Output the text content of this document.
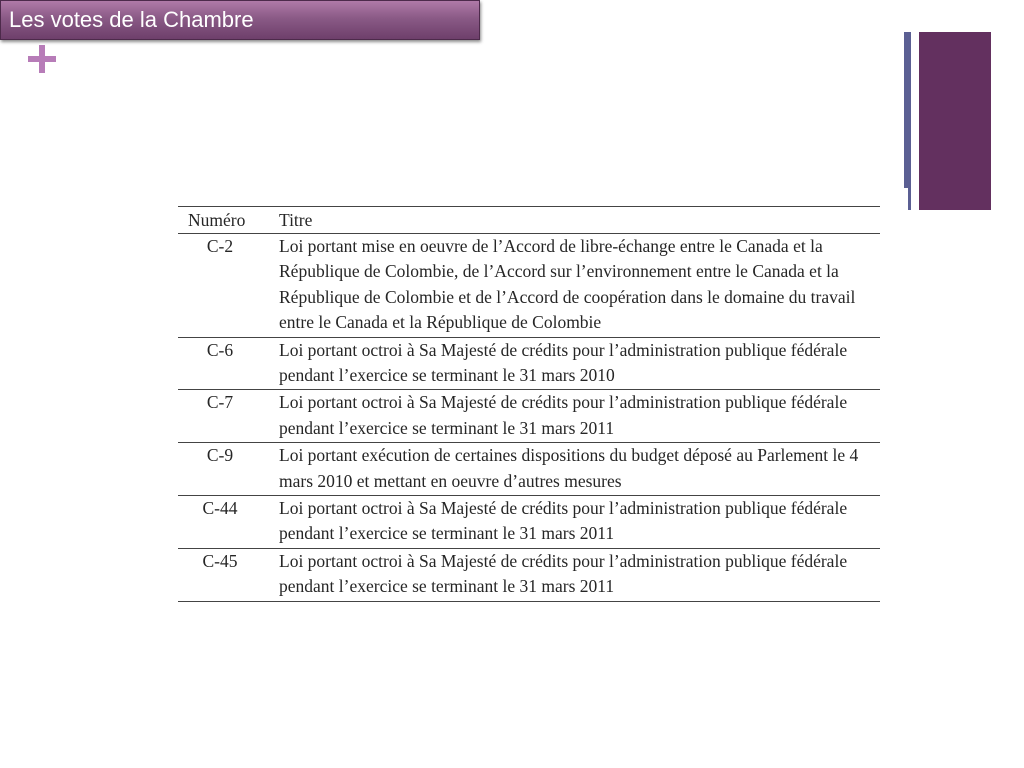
Les votes de la Chambre
Numéro	Titre
C-2	Loi portant mise en oeuvre de l’Accord de libre-échange entre le Canada et la République de Colombie, de l’Accord sur l’environnement entre le Canada et la République de Colombie et de l’Accord de coopération dans le domaine du travail entre le Canada et la République de Colombie
C-6	Loi portant octroi à Sa Majesté de crédits pour l’administration publique fédérale pendant l’exercice se terminant le 31 mars 2010
C-7	Loi portant octroi à Sa Majesté de crédits pour l’administration publique fédérale pendant l’exercice se terminant le 31 mars 2011
C-9	Loi portant exécution de certaines dispositions du budget déposé au Parlement le 4 mars 2010 et mettant en oeuvre d’autres mesures
C-44	Loi portant octroi à Sa Majesté de crédits pour l’administration publique fédérale pendant l’exercice se terminant le 31 mars 2011
C-45	Loi portant octroi à Sa Majesté de crédits pour l’administration publique fédérale pendant l’exercice se terminant le 31 mars 2011
